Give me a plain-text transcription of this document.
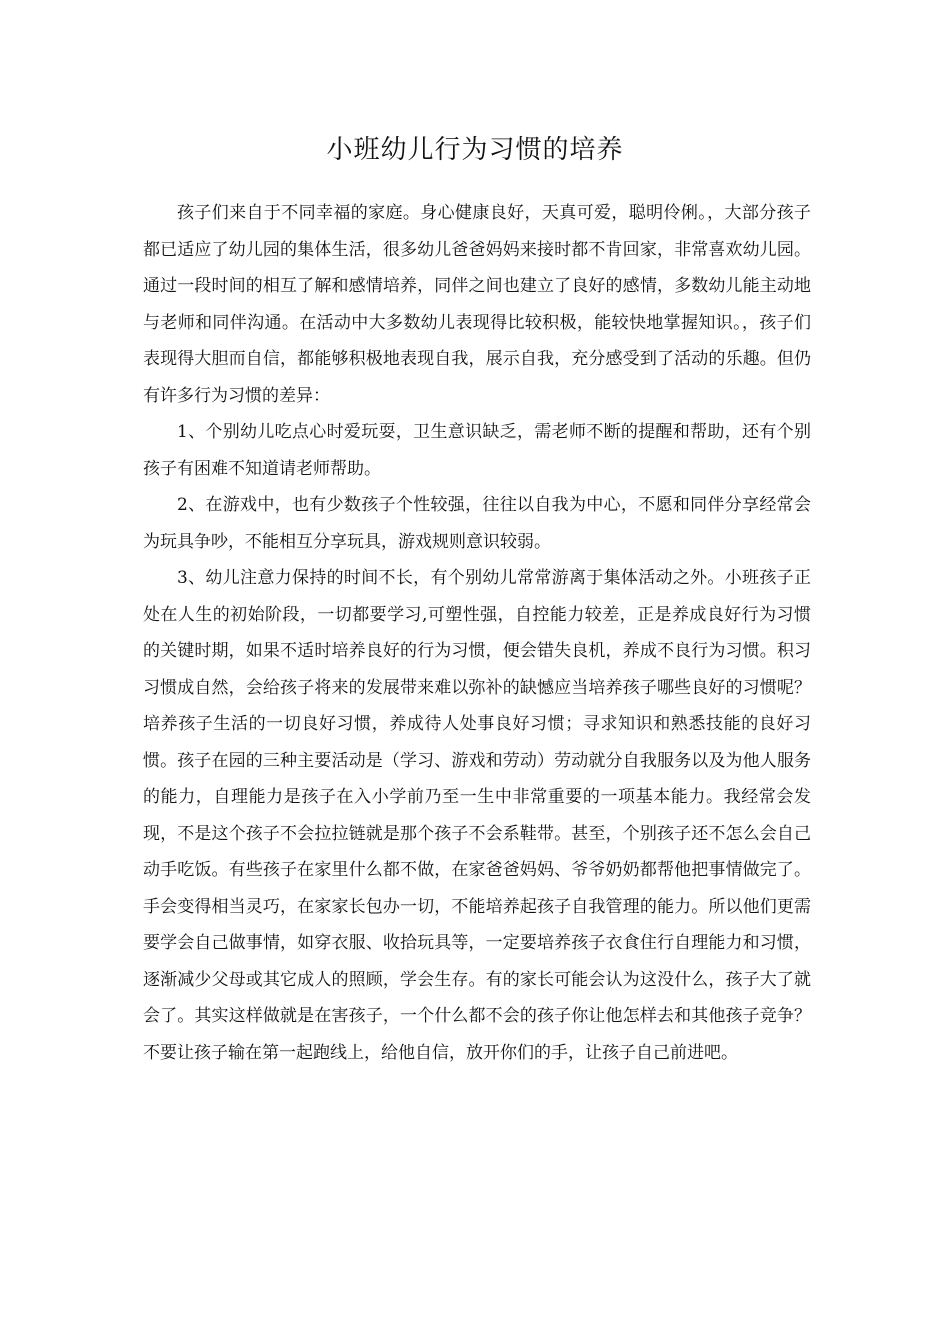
小班幼儿行为习惯的培养

孩子们来自于不同幸福的家庭。身心健康良好，天真可爱，聪明伶俐。，大部分孩子都已适应了幼儿园的集体生活，很多幼儿爸爸妈妈来接时都不肯回家，非常喜欢幼儿园。通过一段时间的相互了解和感情培养，同伴之间也建立了良好的感情，多数幼儿能主动地与老师和同伴沟通。在活动中大多数幼儿表现得比较积极，能较快地掌握知识。，孩子们表现得大胆而自信，都能够积极地表现自我，展示自我，充分感受到了活动的乐趣。但仍有许多行为习惯的差异：

1、个别幼儿吃点心时爱玩耍，卫生意识缺乏，需老师不断的提醒和帮助，还有个别孩子有困难不知道请老师帮助。

2、在游戏中，也有少数孩子个性较强，往往以自我为中心，不愿和同伴分享经常会为玩具争吵，不能相互分享玩具，游戏规则意识较弱。

3、幼儿注意力保持的时间不长，有个别幼儿常常游离于集体活动之外。小班孩子正处在人生的初始阶段，一切都要学习,可塑性强，自控能力较差，正是养成良好行为习惯的关键时期，如果不适时培养良好的行为习惯，便会错失良机，养成不良行为习惯。积习习惯成自然，会给孩子将来的发展带来难以弥补的缺憾应当培养孩子哪些良好的习惯呢？培养孩子生活的一切良好习惯，养成待人处事良好习惯；寻求知识和熟悉技能的良好习惯。孩子在园的三种主要活动是（学习、游戏和劳动）劳动就分自我服务以及为他人服务的能力，自理能力是孩子在入小学前乃至一生中非常重要的一项基本能力。我经常会发现，不是这个孩子不会拉拉链就是那个孩子不会系鞋带。甚至，个别孩子还不怎么会自己动手吃饭。有些孩子在家里什么都不做，在家爸爸妈妈、爷爷奶奶都帮他把事情做完了。手会变得相当灵巧，在家家长包办一切，不能培养起孩子自我管理的能力。所以他们更需要学会自己做事情，如穿衣服、收拾玩具等，一定要培养孩子衣食住行自理能力和习惯，逐渐减少父母或其它成人的照顾，学会生存。有的家长可能会认为这没什么，孩子大了就会了。其实这样做就是在害孩子，一个什么都不会的孩子你让他怎样去和其他孩子竞争？不要让孩子输在第一起跑线上，给他自信，放开你们的手，让孩子自己前进吧。
